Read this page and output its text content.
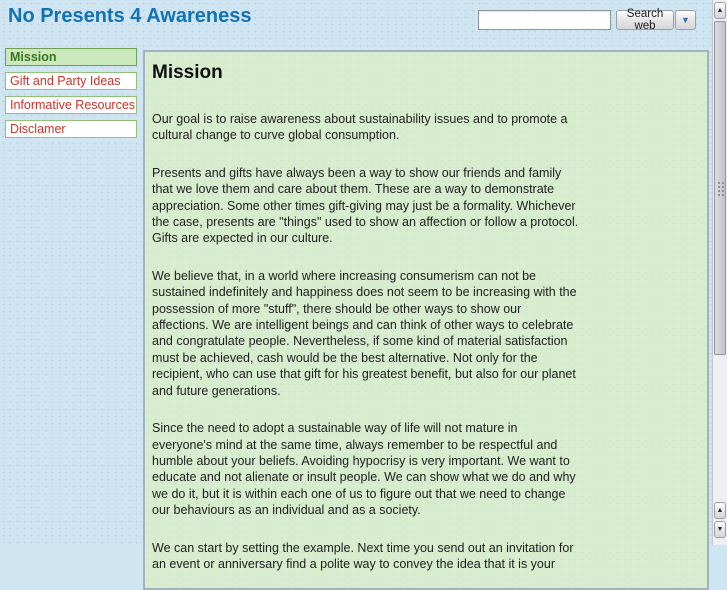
No Presents 4 Awareness	Search web
▼
Mission
Gift and Party Ideas
Informative Resources
Disclamer
Mission

Our goal is to raise awareness about sustainability issues and to promote a cultural change to curve global consumption.

Presents and gifts have always been a way to show our friends and family that we love them and care about them. These are a way to demonstrate appreciation. Some other times gift-giving may just be a formality. Whichever the case, presents are "things" used to show an affection or follow a protocol. Gifts are expected in our culture.

We believe that, in a world where increasing consumerism can not be sustained indefinitely and happiness does not seem to be increasing with the possession of more "stuff", there should be other ways to show our affections. We are intelligent beings and can think of other ways to celebrate and congratulate people. Nevertheless, if some kind of material satisfaction must be achieved, cash would be the best alternative. Not only for the recipient, who can use that gift for his greatest benefit, but also for our planet and future generations.

Since the need to adopt a sustainable way of life will not mature in everyone's mind at the same time, always remember to be respectful and humble about your beliefs. Avoiding hypocrisy is very important. We want to educate and not alienate or insult people. We can show what we do and why we do it, but it is within each one of us to figure out that we need to change our behaviours as an individual and as a society.

We can start by setting the example. Next time you send out an invitation for an event or anniversary find a polite way to convey the idea that it is your

▲
▲
▼
